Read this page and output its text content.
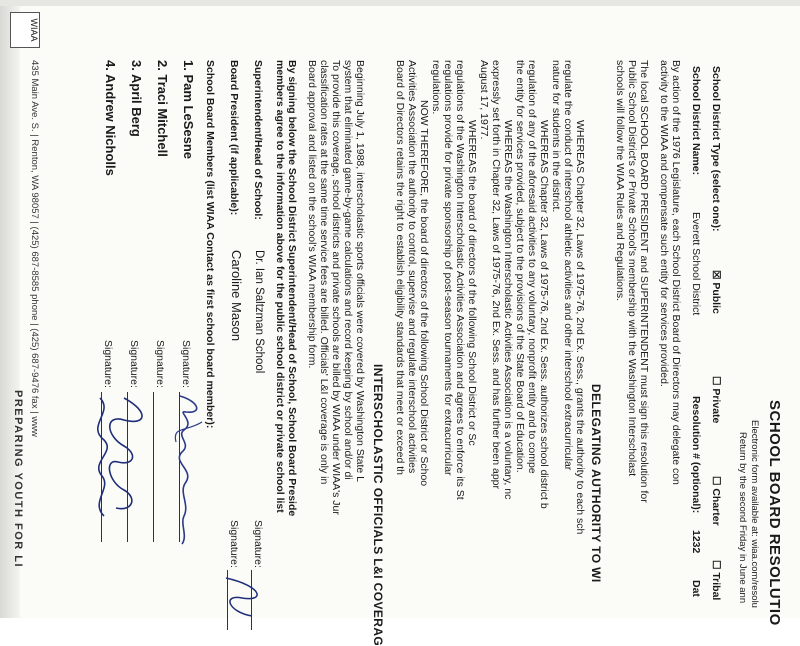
SCHOOL BOARD RESOLUTIO
Electronic form available at: wiaa.com/resolu
Return by the second Friday in June ann
School District Type (select one):
☒ Public
☐ Private
☐ Charter
☐ Tribal
School District Name:
Everett School District
Resolution # (optional):
1232
Dat
By action of the 1976 Legislature, each School District Board of Directors may delegate con
activity to the WIAA and compensate such entity for services provided.
The local SCHOOL BOARD PRESIDENT and SUPERINTENDENT must sign this resolution for
Public School District's or Private School's membership with the Washington Interscholast
schools will follow the WIAA Rules and Regulations.
DELEGATING AUTHORITY TO WI
WHEREAS Chapter 32, Laws of 1975-76, 2nd Ex. Sess., grants the authority to each sch
regulate the conduct of interschool athletic activities and other interschool extracurricular
nature for students in the district.
WHEREAS Chapter 32, Laws of 1975-76, 2nd Ex. Sess. authorizes school district b
regulation of any of the aforesaid activities to any voluntary, nonprofit entity and to compe
the entity for services provided, subject to the provisions of the State Board of Education.
WHEREAS the Washington Interscholastic Activities Association is a voluntary, nc
expressly set forth in Chapter 32, Laws of 1975-76, 2nd Ex. Sess. and has further been appr
August 17, 1977.
WHEREAS the board of directors of the following School District or Sc
regulations of the Washington Interscholastic Activities Association and agrees to enforce its St
regulations provide for private sponsorship of post-season tournaments for extracurricular
regulations.
NOW THEREFORE, the board of directors of the following School District or Schoo
Activities Association the authority to control, supervise and regulate interschool activities
Board of Directors retains the right to establish eligibility standards that meet or exceed th
INTERSCHOLASTIC OFFICIALS L&I COVERAG
Beginning July 1, 1988, interscholastic sports officials were covered by Washington State L
system that eliminated game-by-game calculations and record keeping by school and/or di
To provide this coverage, school districts and private schools are billed by WIAA under WIAA's Jur
classification rates at the same time service fees are billed. Officials' L&I coverage is only in
Board approval and listed on the school's WIAA membership form.
By signing below the School District Superintendent/Head of School, School Board Preside
members agree to the information above for the public school district or private school list
Superintendent/Head of School:
Dr. Ian Saltzman School
Signature:
Board President (if applicable):
Caroline Mason
Signature:
School Board Members (list WIAA Contact as first school board member):
1. Pam LeSesne
Signature:
2. Traci Mitchell
Signature:
3. April Berg
Signature:
4. Andrew Nicholls
Signature:
435 Main Ave. S. | Renton, WA 98057 | (425) 687-8585 phone | (425) 687-9476 fax | www
PREPARING YOUTH FOR LI
WIAA
